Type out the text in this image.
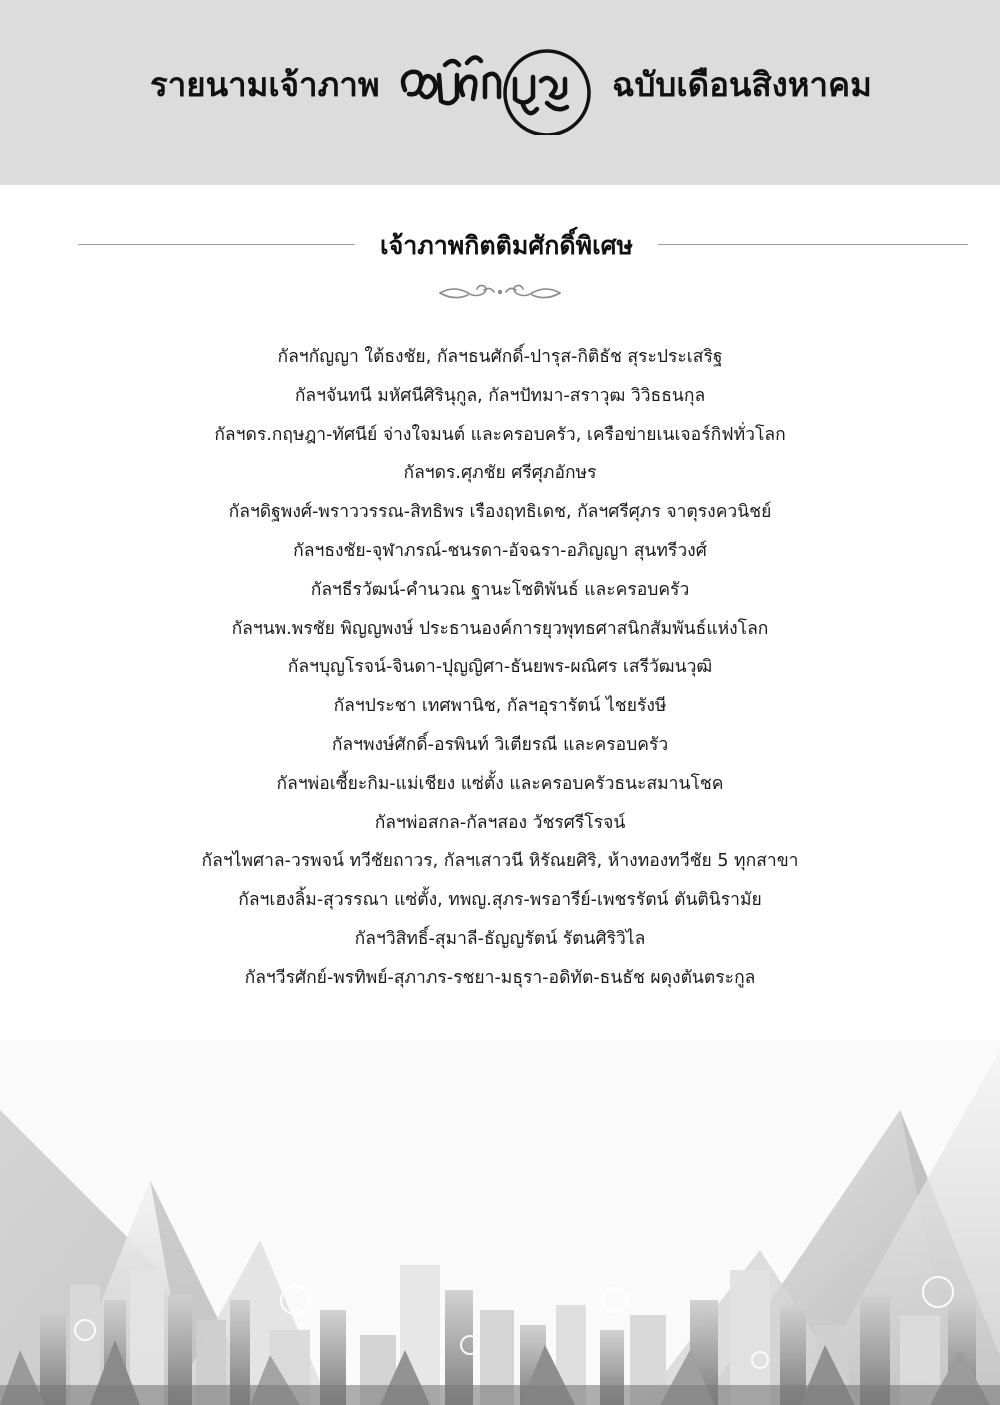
รายนามเจ้าภาพ	ฉบับเดือนสิงหาคม
เจ้าภาพกิตติมศักดิ์พิเศษ
กัลฯกัญญา ใต้ธงชัย, กัลฯธนศักดิ์-ปารุส-กิติธัช สุระประเสริฐ
กัลฯจันทนี มหัศนีศิรินุกูล, กัลฯปัทมา-สราวุฒ วิวิธธนกุล
กัลฯดร.กฤษฎา-ทัศนีย์ จ่างใจมนต์ และครอบครัว, เครือข่ายเนเจอร์กิฟทั่วโลก
กัลฯดร.ศุภชัย ศรีศุภอักษร
กัลฯดิฐพงศ์-พราววรรณ-สิทธิพร เรืองฤทธิเดช, กัลฯศรีศุภร จาตุรงควนิชย์
กัลฯธงชัย-จุฬาภรณ์-ชนรดา-อัจฉรา-อภิญญา สุนทรีวงศ์
กัลฯธีรวัฒน์-คำนวณ ฐานะโชติพันธ์ และครอบครัว
กัลฯนพ.พรชัย พิญญพงษ์ ประธานองค์การยุวพุทธศาสนิกสัมพันธ์แห่งโลก
กัลฯบุญโรจน์-จินดา-ปุญญิศา-ธันยพร-ผณิศร เสรีวัฒนวุฒิ
กัลฯประชา เทศพานิช, กัลฯอุรารัตน์ ไชยรังษี
กัลฯพงษ์ศักดิ์-อรพินท์ วิเตียรณี และครอบครัว
กัลฯพ่อเซี้ยะกิม-แม่เชียง แซ่ตั้ง และครอบครัวธนะสมานโชค
กัลฯพ่อสกล-กัลฯสอง วัชรศรีโรจน์
กัลฯไพศาล-วรพจน์ ทวีชัยถาวร, กัลฯเสาวนี หิรัณยศิริ, ห้างทองทวีชัย 5 ทุกสาขา
กัลฯเฮงลิ้ม-สุวรรณา แซ่ตั้ง, ทพญ.สุภร-พรอารีย์-เพชรรัตน์ ตันตินิรามัย
กัลฯวิสิทธิ์-สุมาลี-ธัญญรัตน์ รัตนศิริวิไล
กัลฯวีรศักย์-พรทิพย์-สุภาภร-รชยา-มธุรา-อดิทัต-ธนธัช ผดุงตันตระกูล
